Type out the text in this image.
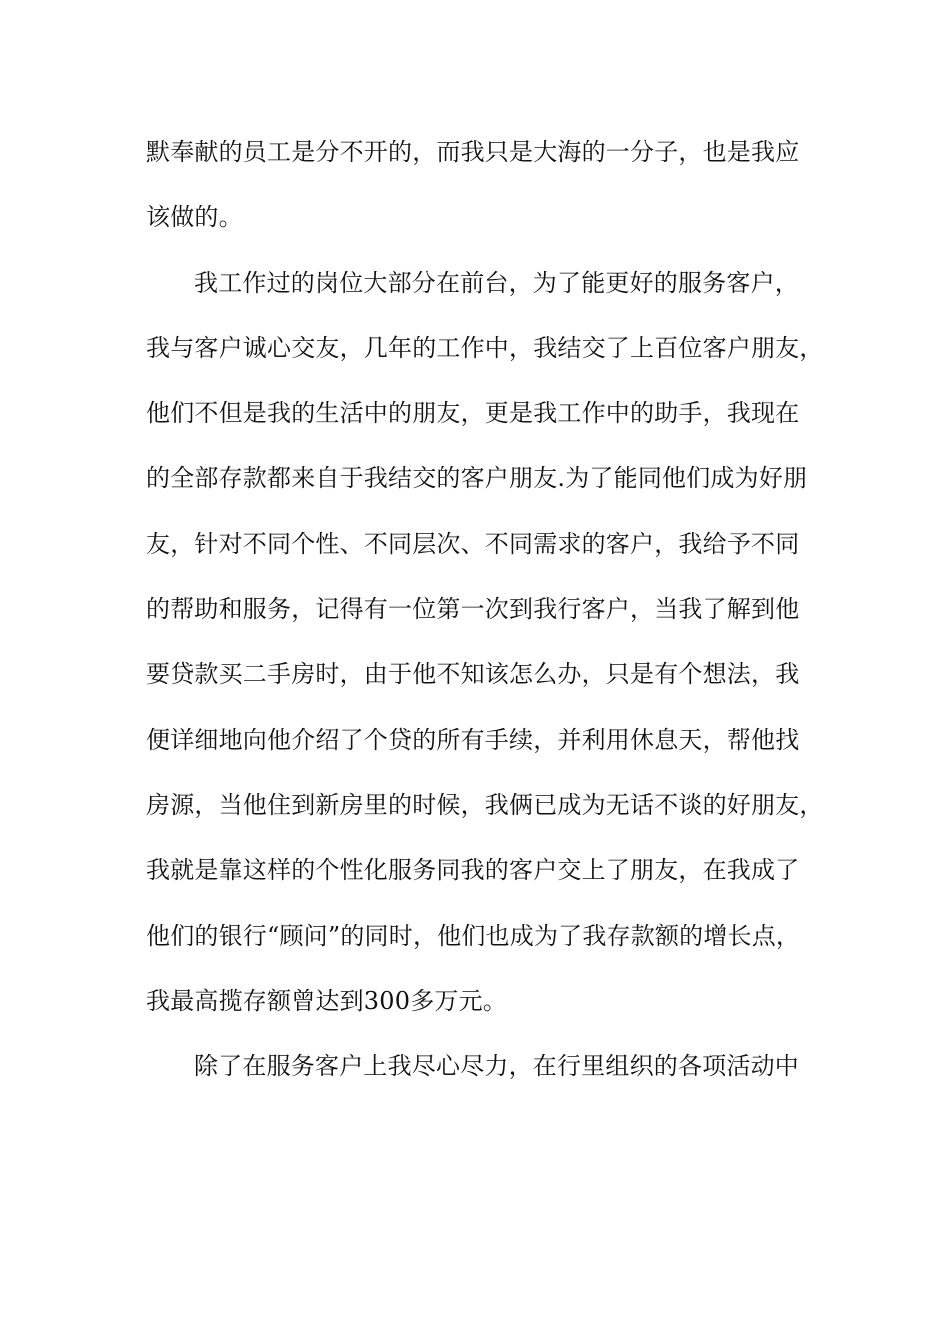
默奉献的员工是分不开的，而我只是大海的一分子，也是我应
该做的。
我工作过的岗位大部分在前台，为了能更好的服务客户，
我与客户诚心交友，几年的工作中，我结交了上百位客户朋友，
他们不但是我的生活中的朋友，更是我工作中的助手，我现在
的全部存款都来自于我结交的客户朋友.为了能同他们成为好朋
友，针对不同个性、不同层次、不同需求的客户，我给予不同
的帮助和服务，记得有一位第一次到我行客户，当我了解到他
要贷款买二手房时，由于他不知该怎么办，只是有个想法，我
便详细地向他介绍了个贷的所有手续，并利用休息天，帮他找
房源，当他住到新房里的时候，我俩已成为无话不谈的好朋友，
我就是靠这样的个性化服务同我的客户交上了朋友，在我成了
他们的银行“顾问”的同时，他们也成为了我存款额的增长点，
我最高揽存额曾达到300多万元。
除了在服务客户上我尽心尽力，在行里组织的各项活动中
